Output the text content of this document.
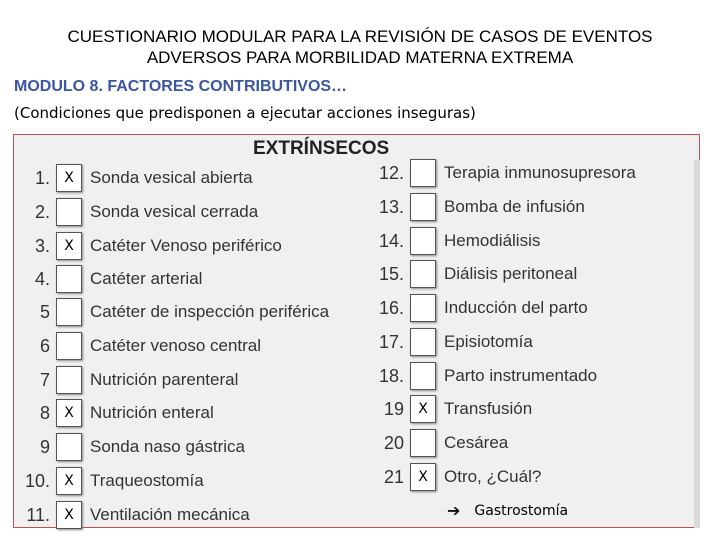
CUESTIONARIO MODULAR PARA LA REVISIÓN DE CASOS DE EVENTOS
ADVERSOS PARA MORBILIDAD MATERNA EXTREMA
MODULO 8. FACTORES CONTRIBUTIVOS…
(Condiciones que predisponen a ejecutar acciones inseguras)
EXTRÍNSECOS
1. X Sonda vesical abierta
2. Sonda vesical cerrada
3. X Catéter Venoso periférico
4. Catéter arterial
5 Catéter de inspección periférica
6 Catéter venoso central
7 Nutrición parenteral
8 X Nutrición enteral
9 Sonda naso gástrica
10. X Traqueostomía
11. X Ventilación mecánica
12. Terapia inmunosupresora
13. Bomba de infusión
14. Hemodiálisis
15. Diálisis peritoneal
16. Inducción del parto
17. Episiotomía
18. Parto instrumentado
19 X Transfusión
20 Cesárea
21 X Otro, ¿Cuál?
➔ Gastrostomía
